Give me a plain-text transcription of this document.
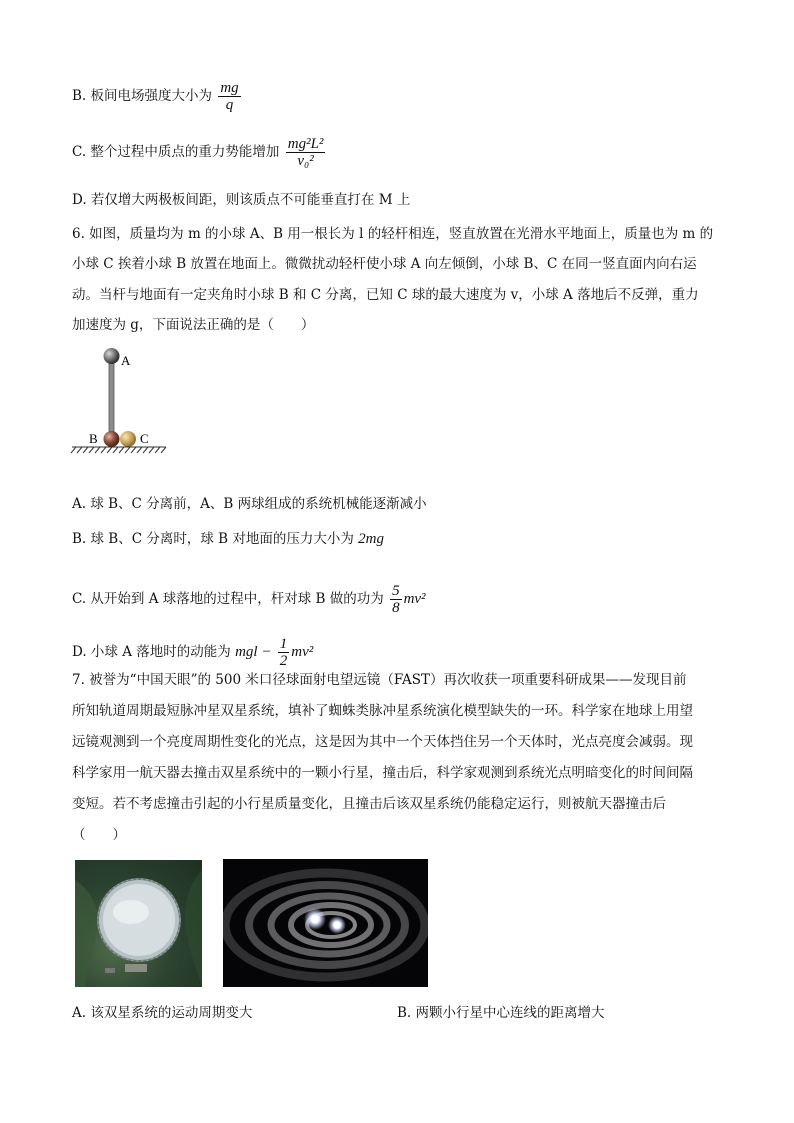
B. 板间电场强度大小为 $\frac{mg}{q}$
C. 整个过程中质点的重力势能增加 $\frac{\text{mg²L²}}{\text{v₀²}}$
D. 若仅增大两极板间距，则该质点不可能垂直打在 M 上
6. 如图，质量均为 m 的小球 A、B 用一根长为 l 的轻杆相连，竖直放置在光滑水平地面上，质量也为 m 的
小球 C 挨着小球 B 放置在地面上。微微扰动轻杆使小球 A 向左倾倒，小球 B、C 在同一竖直面内向右运
动。当杆与地面有一定夹角时小球 B 和 C 分离，已知 C 球的最大速度为 v，小球 A 落地后不反弹，重力
加速度为 g，下面说法正确的是（　　）
A
B	C
A. 球 B、C 分离前，A、B 两球组成的系统机械能逐渐减小
B. 球 B、C 分离时，球 B 对地面的压力大小为 2mg
C. 从开始到 A 球落地的过程中，杆对球 B 做的功为 $\frac{5}{8} mv^2$
D. 小球 A 落地时的动能为 mgl − $\frac{1}{2} mv^2$
7. 被誉为“中国天眼”的 500 米口径球面射电望远镜（FAST）再次收获一项重要科研成果——发现目前
所知轨道周期最短脉冲星双星系统，填补了蜘蛛类脉冲星系统演化模型缺失的一环。科学家在地球上用望
远镜观测到一个亮度周期性变化的光点，这是因为其中一个天体挡住另一个天体时，光点亮度会减弱。现
科学家用一航天器去撞击双星系统中的一颗小行星，撞击后，科学家观测到系统光点明暗变化的时间间隔
变短。若不考虑撞击引起的小行星质量变化，且撞击后该双星系统仍能稳定运行，则被航天器撞击后
（　　）
A. 该双星系统的运动周期变大	B. 两颗小行星中心连线的距离增大
